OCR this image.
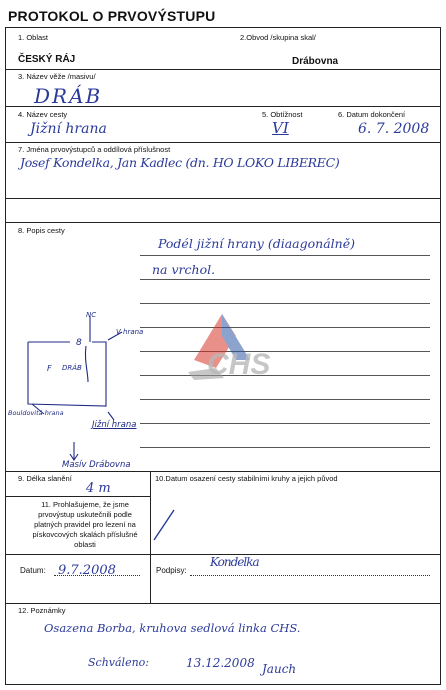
PROTOKOL O PRVOVÝSTUPU
1. Oblast	2.Obvod /skupina skal/
ČESKÝ RÁJ	Drábovna
3. Název věže /masivu/
DRÁB
4. Název cesty	5. Obtížnost	6. Datum dokončení
Jižní hrana	VI	6. 7. 2008
7. Jména prvovýstupců a oddílová příslušnost
Josef Kondelka, Jan Kadlec (dn. HO LOKO LIBEREC)
8. Popis cesty
Podél jižní hrany (diaagonálně)
na vrchol.
CHS
NC
V hrana
8
F DRÁB
Bouldovitá hrana
Jižní hrana
Masív Drábovna
9. Délka slanění	10.Datum osazení cesty stabilními kruhy a jejich původ
4 m
11. Prohlašujeme, že jsme prvovýstup uskutečnili podle platných pravidel pro lezení na pískovcových skalách příslušné oblasti
Datum: 9.7.2008	Podpisy:
Kondelka
12. Poznámky
Osazena Borba, kruhova sedlová linka CHS.
Schváleno:	13.12.2008 Jauch
